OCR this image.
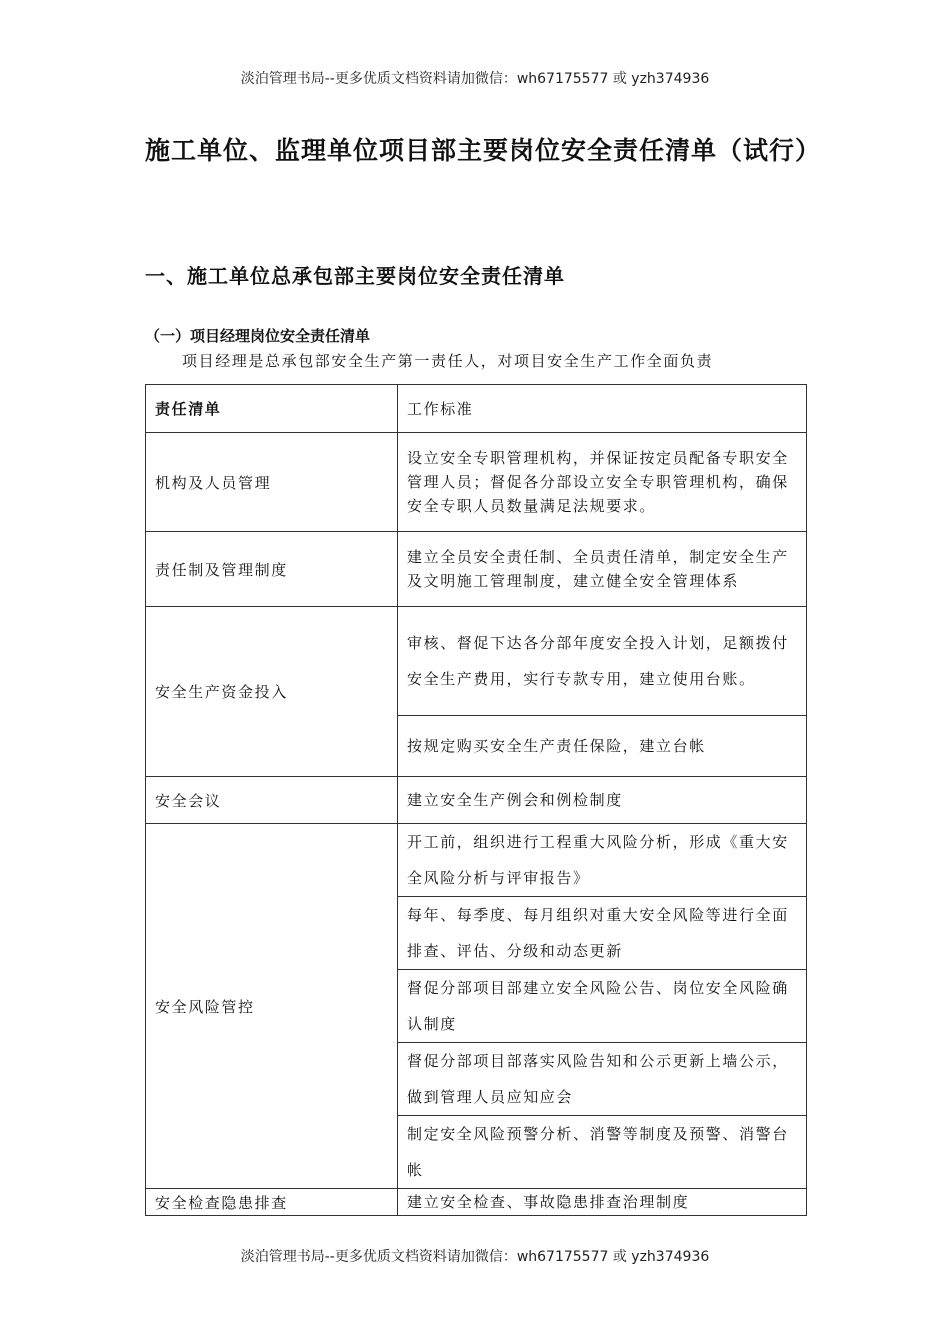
淡泊管理书局--更多优质文档资料请加微信：wh67175577 或 yzh374936
施工单位、监理单位项目部主要岗位安全责任清单（试行）
一、施工单位总承包部主要岗位安全责任清单
（一）项目经理岗位安全责任清单
项目经理是总承包部安全生产第一责任人，对项目安全生产工作全面负责
责任清单	工作标准
机构及人员管理	设立安全专职管理机构，并保证按定员配备专职安全管理人员；督促各分部设立安全专职管理机构，确保安全专职人员数量满足法规要求。
责任制及管理制度	建立全员安全责任制、全员责任清单，制定安全生产及文明施工管理制度，建立健全安全管理体系
安全生产资金投入	审核、督促下达各分部年度安全投入计划，足额拨付安全生产费用，实行专款专用，建立使用台账。
	按规定购买安全生产责任保险，建立台帐
安全会议	建立安全生产例会和例检制度
安全风险管控	开工前，组织进行工程重大风险分析，形成《重大安全风险分析与评审报告》
	每年、每季度、每月组织对重大安全风险等进行全面排查、评估、分级和动态更新
	督促分部项目部建立安全风险公告、岗位安全风险确认制度
	督促分部项目部落实风险告知和公示更新上墙公示，做到管理人员应知应会
	制定安全风险预警分析、消警等制度及预警、消警台帐
安全检查隐患排查	建立安全检查、事故隐患排查治理制度
淡泊管理书局--更多优质文档资料请加微信：wh67175577 或 yzh374936
